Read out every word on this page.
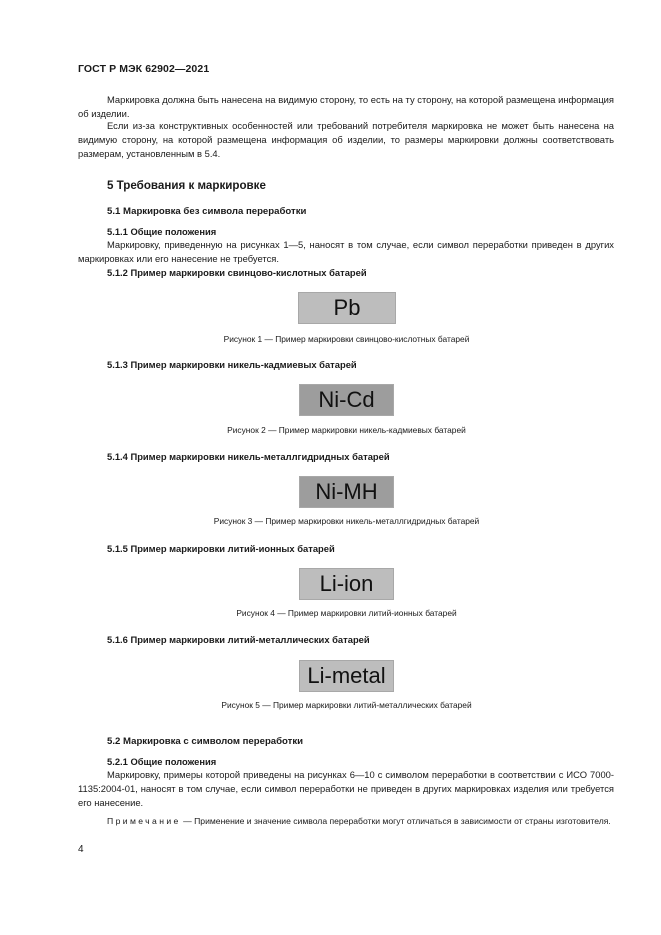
ГОСТ Р МЭК 62902—2021

Маркировка должна быть нанесена на видимую сторону, то есть на ту сторону, на которой размещена информация об изделии.

Если из-за конструктивных особенностей или требований потребителя маркировка не может быть нанесена на видимую сторону, на которой размещена информация об изделии, то размеры маркировки должны соответствовать размерам, установленным в 5.4.

5 Требования к маркировке
5.1 Маркировка без символа переработки
5.1.1 Общие положения

Маркировку, приведенную на рисунках 1—5, наносят в том случае, если символ переработки приведен в других маркировках или его нанесение не требуется.

5.1.2 Пример маркировки свинцово-кислотных батарей
Pb
Рисунок 1 — Пример маркировки свинцово-кислотных батарей
5.1.3 Пример маркировки никель-кадмиевых батарей
Ni-Cd
Рисунок 2 — Пример маркировки никель-кадмиевых батарей
5.1.4 Пример маркировки никель-металлгидридных батарей
Ni-MH
Рисунок 3 — Пример маркировки никель-металлгидридных батарей
5.1.5 Пример маркировки литий-ионных батарей
Li-ion
Рисунок 4 — Пример маркировки литий-ионных батарей
5.1.6 Пример маркировки литий-металлических батарей
Li-metal
Рисунок 5 — Пример маркировки литий-металлических батарей
5.2 Маркировка с символом переработки
5.2.1 Общие положения

Маркировку, примеры которой приведены на рисунках 6—10 с символом переработки в соответствии с ИСО 7000-1135:2004-01, наносят в том случае, если символ переработки не приведен в других маркировках изделия или требуется его нанесение.

Примечание — Применение и значение символа переработки могут отличаться в зависимости от страны изготовителя.

4
